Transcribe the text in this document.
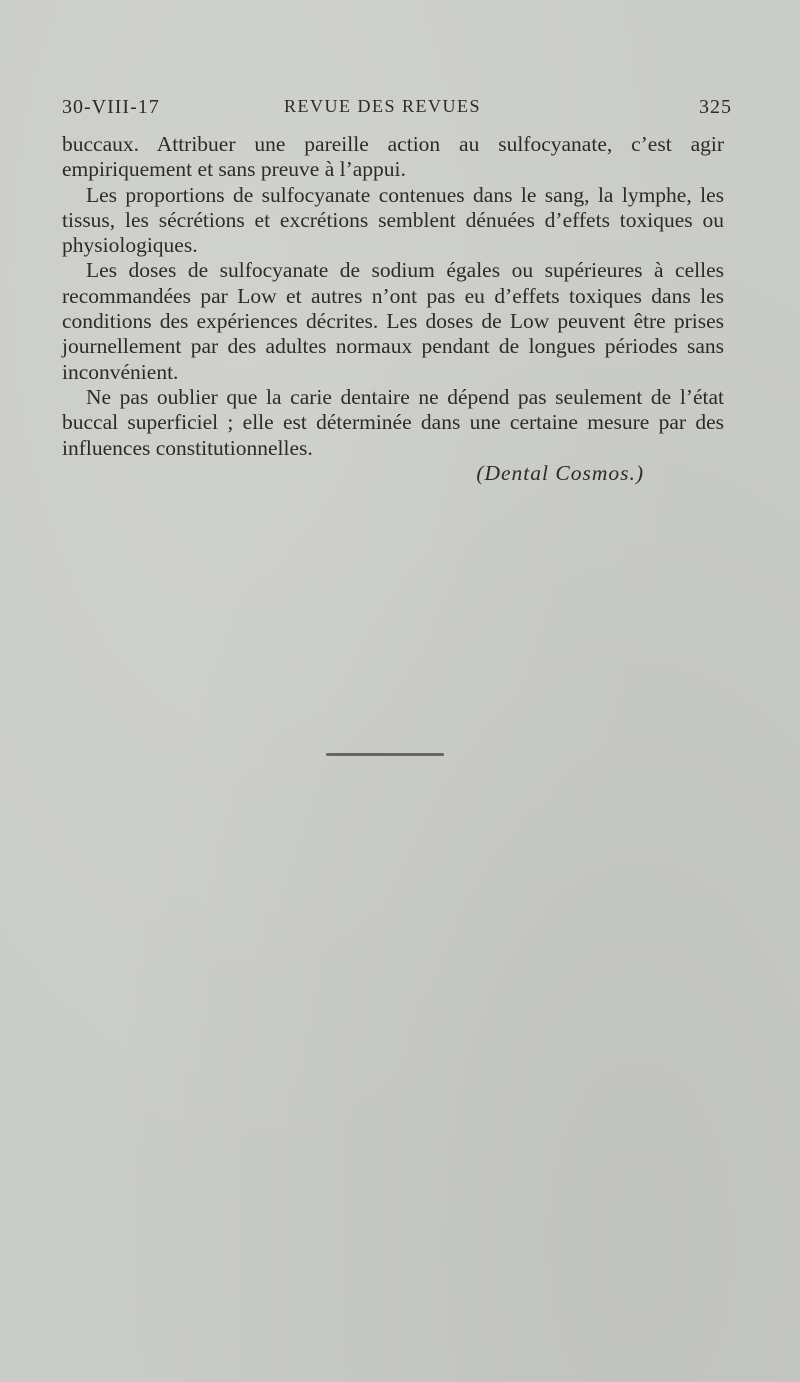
30-VIII-17	REVUE DES REVUES	325

buccaux. Attribuer une pareille action au sulfocyanate, c’est agir empiriquement et sans preuve à l’appui.

Les proportions de sulfocyanate contenues dans le sang, la lymphe, les tissus, les sécrétions et excrétions semblent dénuées d’effets toxiques ou physiologiques.

Les doses de sulfocyanate de sodium égales ou supérieures à celles recommandées par Low et autres n’ont pas eu d’effets toxiques dans les conditions des expériences décrites. Les doses de Low peuvent être prises journellement par des adultes normaux pendant de longues périodes sans inconvénient.

Ne pas oublier que la carie dentaire ne dépend pas seulement de l’état buccal superficiel ; elle est déterminée dans une certaine mesure par des influences constitutionnelles.

(Dental Cosmos.)
